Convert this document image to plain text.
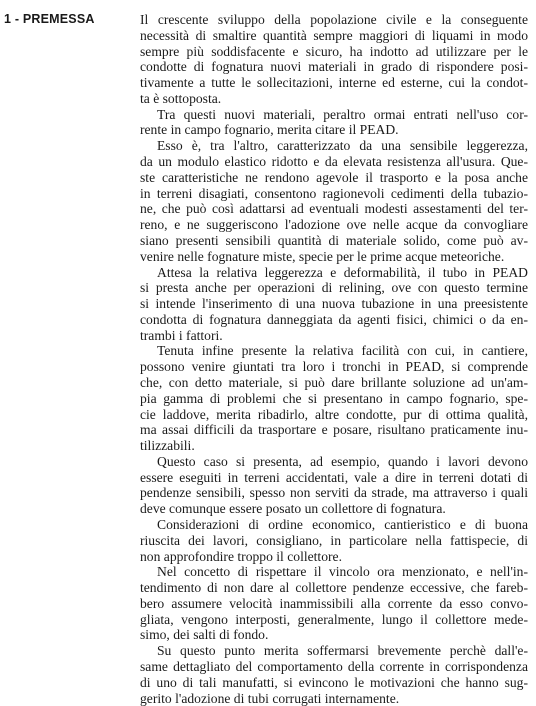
1 - PREMESSA	Il crescente sviluppo della popolazione civile e la conseguente
necessità di smaltire quantità sempre maggiori di liquami in modo
sempre più soddisfacente e sicuro, ha indotto ad utilizzare per le
condotte di fognatura nuovi materiali in grado di rispondere posi-
tivamente a tutte le sollecitazioni, interne ed esterne, cui la condot-
ta è sottoposta.

Tra questi nuovi materiali, peraltro ormai entrati nell'uso cor-
rente in campo fognario, merita citare il PEAD.

Esso è, tra l'altro, caratterizzato da una sensibile leggerezza,
da un modulo elastico ridotto e da elevata resistenza all'usura. Que-
ste caratteristiche ne rendono agevole il trasporto e la posa anche
in terreni disagiati, consentono ragionevoli cedimenti della tubazio-
ne, che può così adattarsi ad eventuali modesti assestamenti del ter-
reno, e ne suggeriscono l'adozione ove nelle acque da convogliare
siano presenti sensibili quantità di materiale solido, come può av-
venire nelle fognature miste, specie per le prime acque meteoriche.

Attesa la relativa leggerezza e deformabilità, il tubo in PEAD
si presta anche per operazioni di relining, ove con questo termine
si intende l'inserimento di una nuova tubazione in una preesistente
condotta di fognatura danneggiata da agenti fisici, chimici o da en-
trambi i fattori.

Tenuta infine presente la relativa facilità con cui, in cantiere,
possono venire giuntati tra loro i tronchi in PEAD, si comprende
che, con detto materiale, si può dare brillante soluzione ad un'am-
pia gamma di problemi che si presentano in campo fognario, spe-
cie laddove, merita ribadirlo, altre condotte, pur di ottima qualità,
ma assai difficili da trasportare e posare, risultano praticamente inu-
tilizzabili.

Questo caso si presenta, ad esempio, quando i lavori devono
essere eseguiti in terreni accidentati, vale a dire in terreni dotati di
pendenze sensibili, spesso non serviti da strade, ma attraverso i quali
deve comunque essere posato un collettore di fognatura.

Considerazioni di ordine economico, cantieristico e di buona
riuscita dei lavori, consigliano, in particolare nella fattispecie, di
non approfondire troppo il collettore.

Nel concetto di rispettare il vincolo ora menzionato, e nell'in-
tendimento di non dare al collettore pendenze eccessive, che fareb-
bero assumere velocità inammissibili alla corrente da esso convo-
gliata, vengono interposti, generalmente, lungo il collettore mede-
simo, dei salti di fondo.

Su questo punto merita soffermarsi brevemente perchè dall'e-
same dettagliato del comportamento della corrente in corrispondenza
di uno di tali manufatti, si evincono le motivazioni che hanno sug-
gerito l'adozione di tubi corrugati internamente.
